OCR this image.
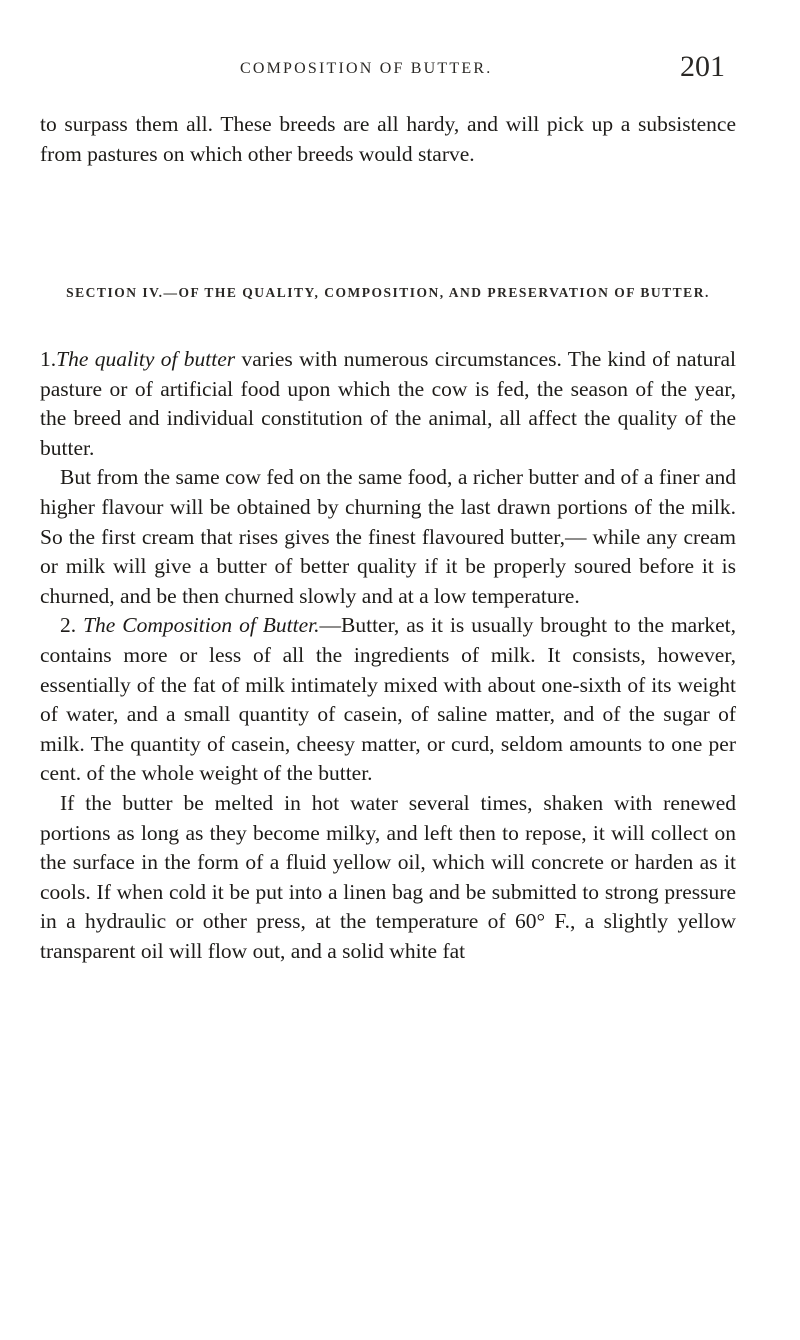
COMPOSITION OF BUTTER.	201
to surpass them all. These breeds are all hardy, and will pick up a subsistence from pastures on which other breeds would starve.
SECTION IV.—OF THE QUALITY, COMPOSITION, AND PRESERVATION OF BUTTER.

1.The quality of butter varies with numerous circumstances. The kind of natural pasture or of artificial food upon which the cow is fed, the season of the year, the breed and individual constitution of the animal, all affect the quality of the butter.

But from the same cow fed on the same food, a richer butter and of a finer and higher flavour will be obtained by churning the last drawn portions of the milk. So the first cream that rises gives the finest flavoured butter,— while any cream or milk will give a butter of better quality if it be properly soured before it is churned, and be then churned slowly and at a low temperature.

2. The Composition of Butter.—Butter, as it is usually brought to the market, contains more or less of all the ingredients of milk. It consists, however, essentially of the fat of milk intimately mixed with about one-sixth of its weight of water, and a small quantity of casein, of saline matter, and of the sugar of milk. The quantity of casein, cheesy matter, or curd, seldom amounts to one per cent. of the whole weight of the butter.

If the butter be melted in hot water several times, shaken with renewed portions as long as they become milky, and left then to repose, it will collect on the surface in the form of a fluid yellow oil, which will concrete or harden as it cools. If when cold it be put into a linen bag and be submitted to strong pressure in a hydraulic or other press, at the temperature of 60° F., a slightly yellow transparent oil will flow out, and a solid white fat
